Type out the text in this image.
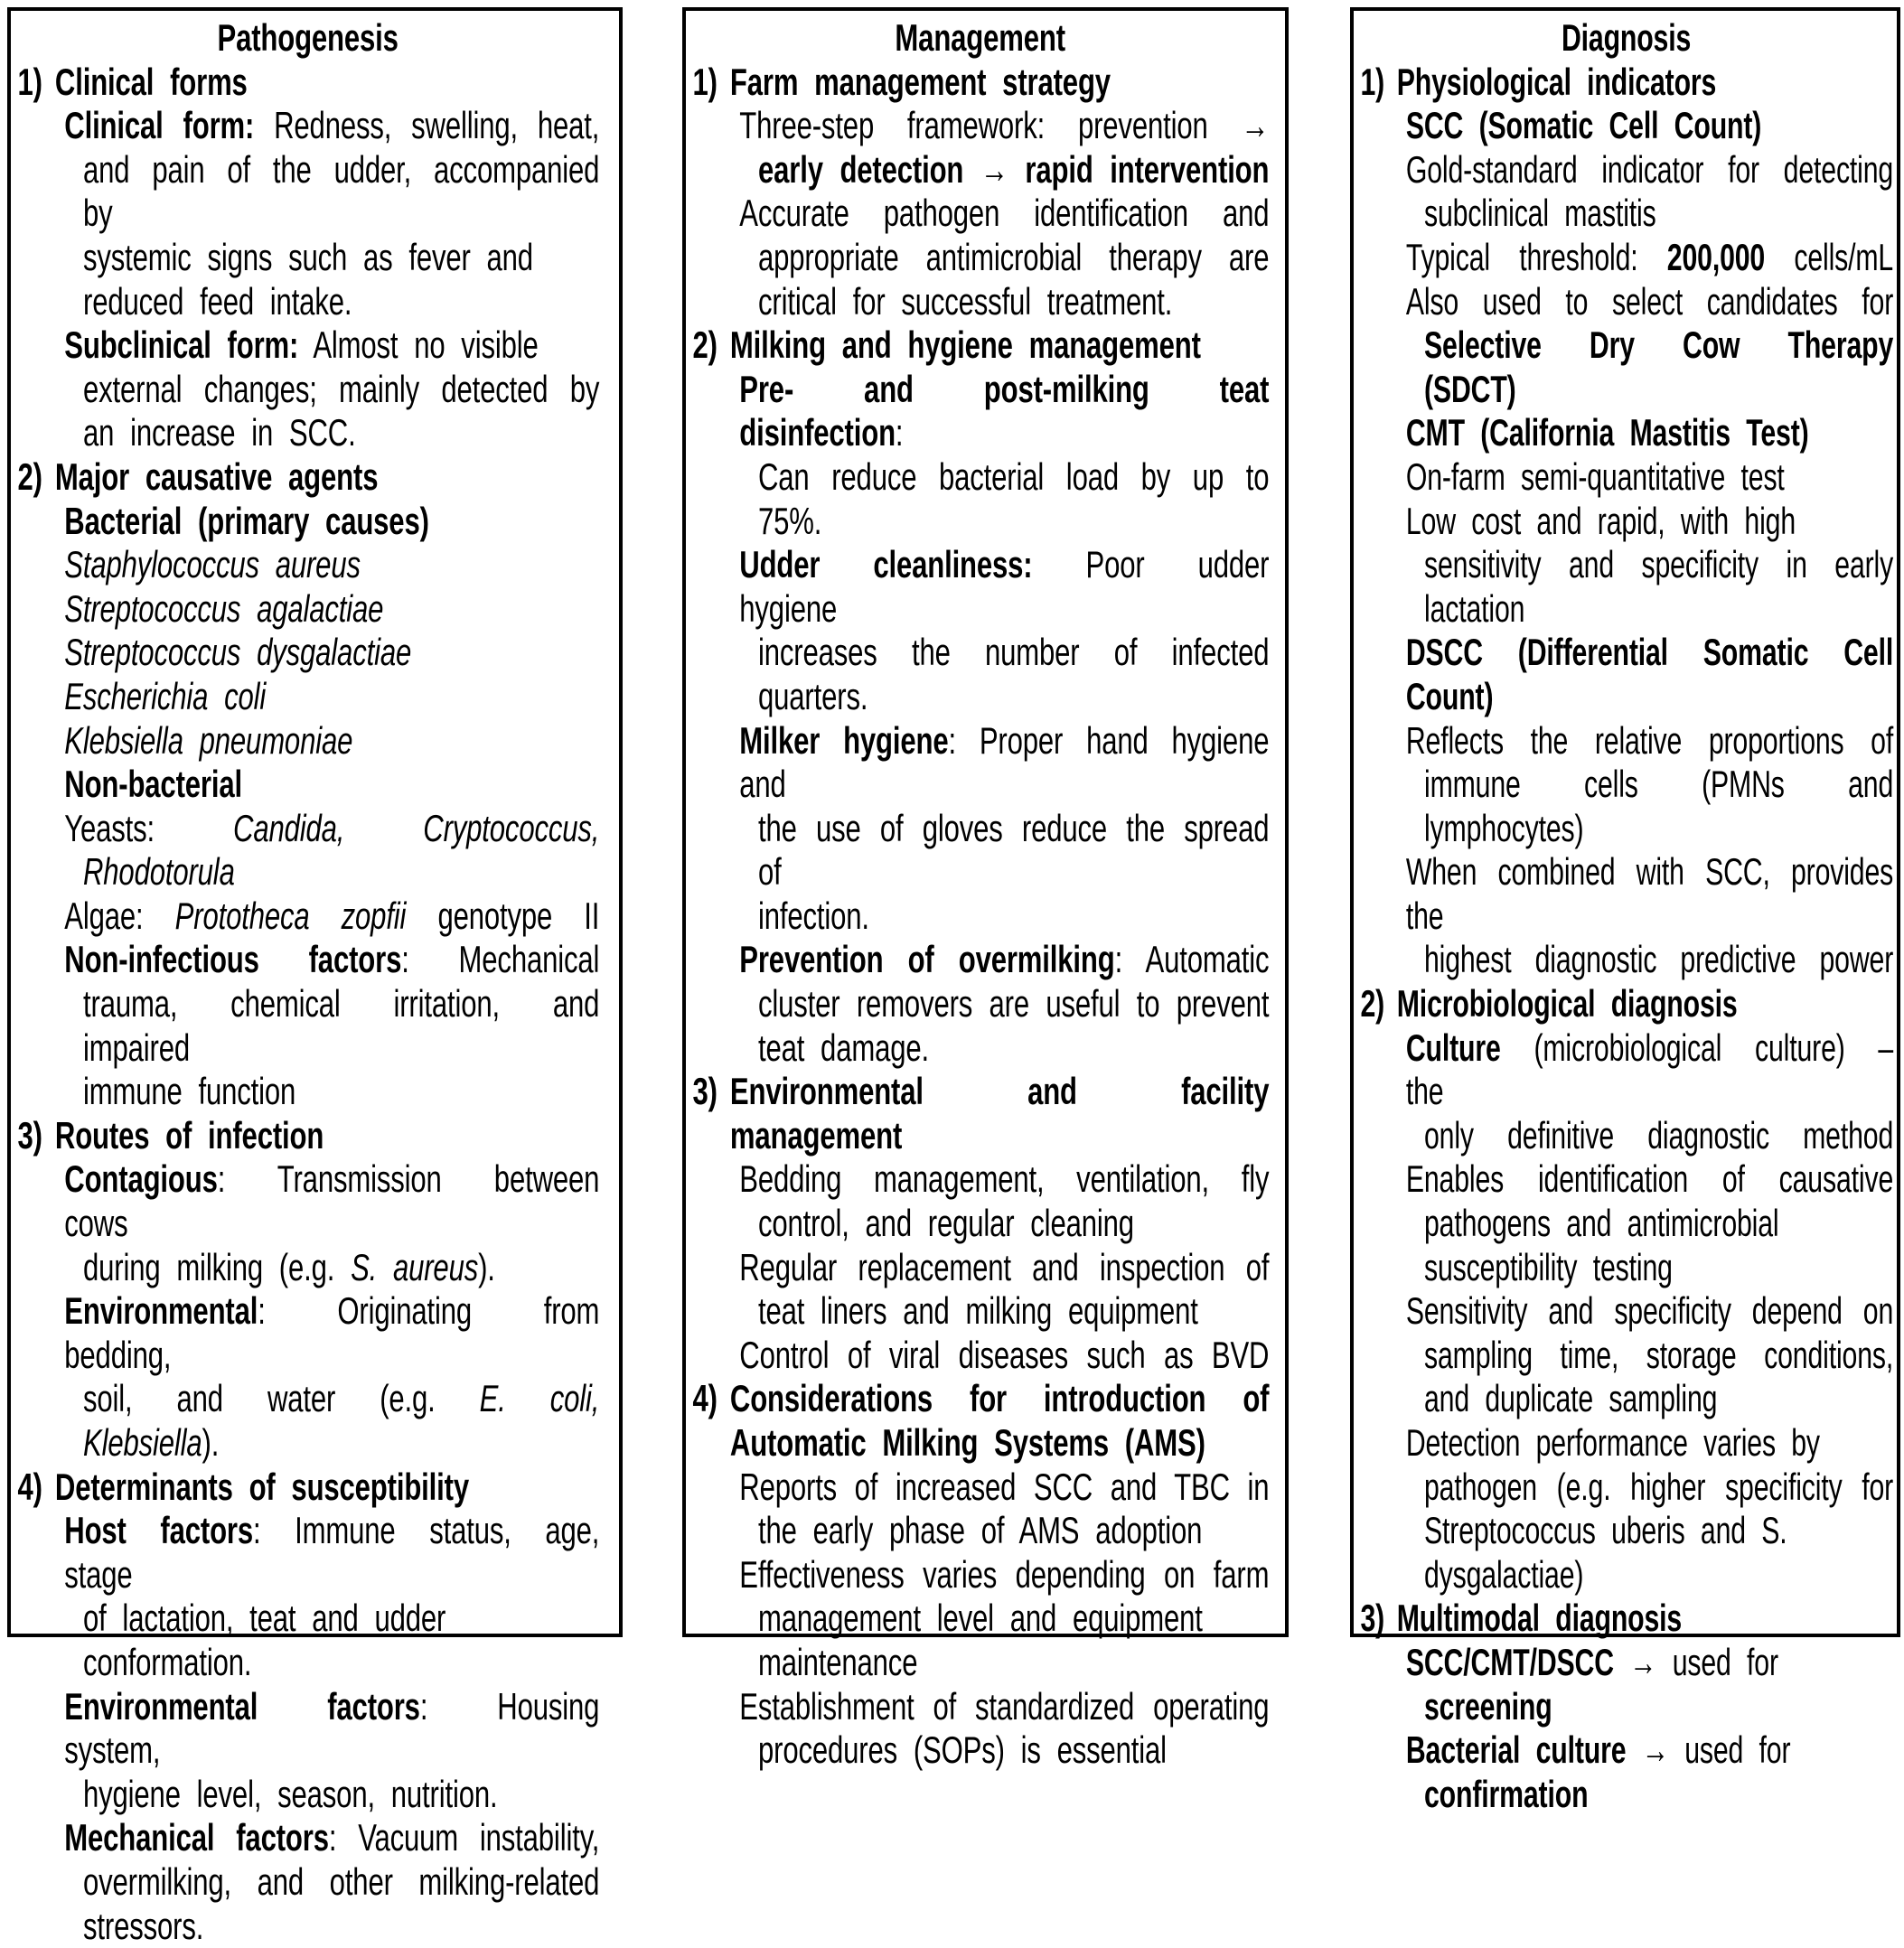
Pathogenesis
1) Clinical forms
Clinical form: Redness, swelling, heat,
and pain of the udder, accompanied by
systemic signs such as fever and
reduced feed intake.
Subclinical form: Almost no visible
external changes; mainly detected by
an increase in SCC.
2) Major causative agents
Bacterial (primary causes)
Staphylococcus aureus
Streptococcus agalactiae
Streptococcus dysgalactiae
Escherichia coli
Klebsiella pneumoniae
Non-bacterial
Yeasts: Candida, Cryptococcus,
Rhodotorula
Algae: Prototheca zopfii genotype II
Non-infectious factors: Mechanical
trauma, chemical irritation, and impaired
immune function
3) Routes of infection
Contagious: Transmission between cows
during milking (e.g. S. aureus).
Environmental: Originating from bedding,
soil, and water (e.g. E. coli, Klebsiella).
4) Determinants of susceptibility
Host factors: Immune status, age, stage
of lactation, teat and udder
conformation.
Environmental factors: Housing system,
hygiene level, season, nutrition.
Mechanical factors: Vacuum instability,
overmilking, and other milking-related
stressors.
Management
1) Farm management strategy
Three-step framework: prevention →
early detection → rapid intervention
Accurate pathogen identification and
appropriate antimicrobial therapy are
critical for successful treatment.
2) Milking and hygiene management
Pre- and post-milking teat disinfection:
Can reduce bacterial load by up to
75%.
Udder cleanliness: Poor udder hygiene
increases the number of infected
quarters.
Milker hygiene: Proper hand hygiene and
the use of gloves reduce the spread of
infection.
Prevention of overmilking: Automatic
cluster removers are useful to prevent
teat damage.
3) Environmental and facility management
Bedding management, ventilation, fly
control, and regular cleaning
Regular replacement and inspection of
teat liners and milking equipment
Control of viral diseases such as BVD
4) Considerations for introduction of
Automatic Milking Systems (AMS)
Reports of increased SCC and TBC in
the early phase of AMS adoption
Effectiveness varies depending on farm
management level and equipment
maintenance
Establishment of standardized operating
procedures (SOPs) is essential
Diagnosis
1) Physiological indicators
SCC (Somatic Cell Count)
Gold-standard indicator for detecting
subclinical mastitis
Typical threshold: 200,000 cells/mL
Also used to select candidates for
Selective Dry Cow Therapy (SDCT)
CMT (California Mastitis Test)
On-farm semi-quantitative test
Low cost and rapid, with high
sensitivity and specificity in early
lactation
DSCC (Differential Somatic Cell Count)
Reflects the relative proportions of
immune cells (PMNs and lymphocytes)
When combined with SCC, provides the
highest diagnostic predictive power
2) Microbiological diagnosis
Culture (microbiological culture) – the
only definitive diagnostic method
Enables identification of causative
pathogens and antimicrobial
susceptibility testing
Sensitivity and specificity depend on
sampling time, storage conditions,
and duplicate sampling
Detection performance varies by
pathogen (e.g. higher specificity for
Streptococcus uberis and S.
dysgalactiae)
3) Multimodal diagnosis
SCC/CMT/DSCC → used for
screening
Bacterial culture → used for
confirmation
